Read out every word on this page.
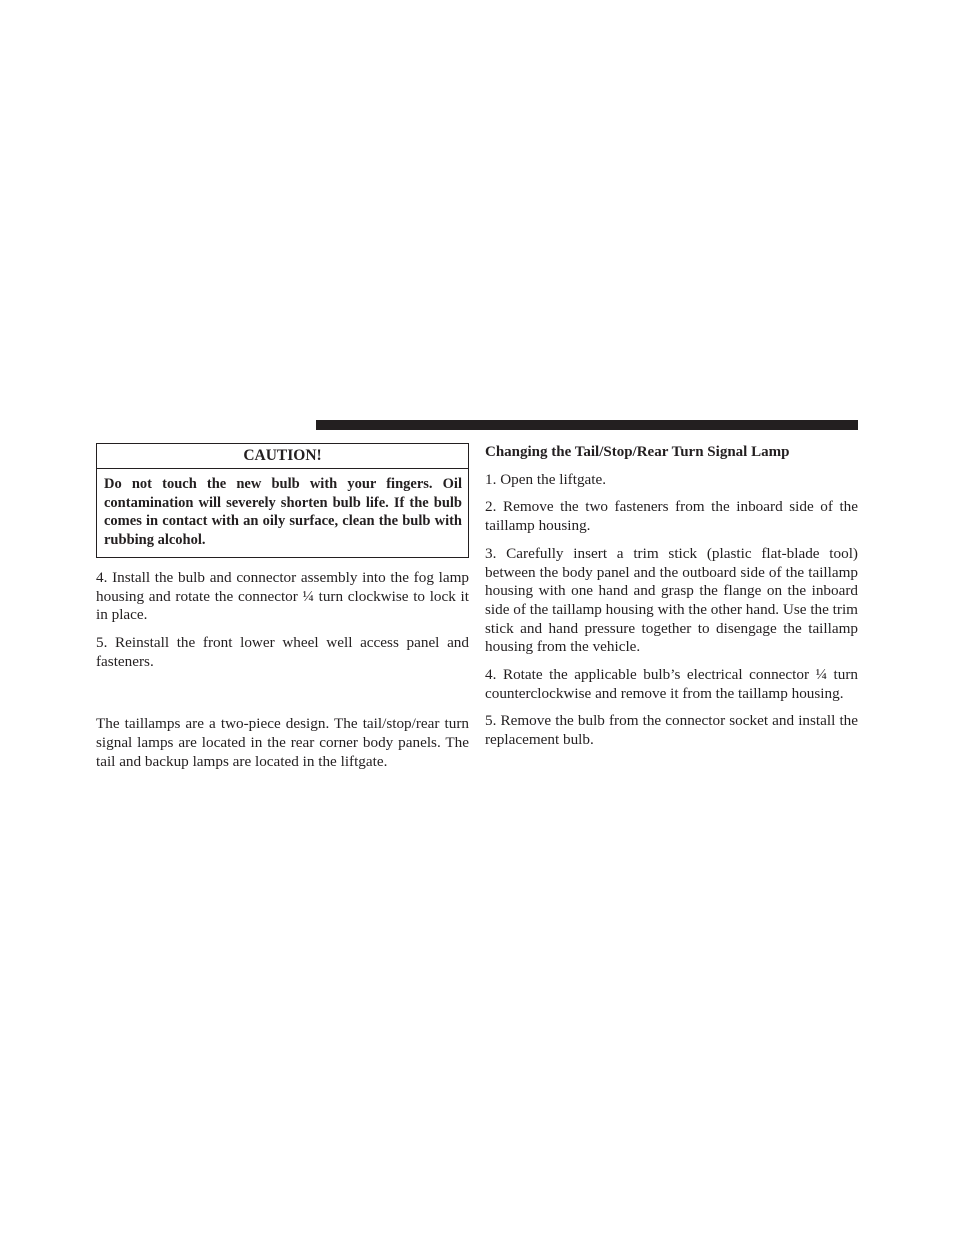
CAUTION!
Do not touch the new bulb with your fingers. Oil contamination will severely shorten bulb life. If the bulb comes in contact with an oily surface, clean the bulb with rubbing alcohol.

4. Install the bulb and connector assembly into the fog lamp housing and rotate the connector ¼ turn clockwise to lock it in place.

5. Reinstall the front lower wheel well access panel and fasteners.

The taillamps are a two-piece design. The tail/stop/rear turn signal lamps are located in the rear corner body panels. The tail and backup lamps are located in the liftgate.

Changing the Tail/Stop/Rear Turn Signal Lamp

1. Open the liftgate.

2. Remove the two fasteners from the inboard side of the taillamp housing.

3. Carefully insert a trim stick (plastic flat-blade tool) between the body panel and the outboard side of the taillamp housing with one hand and grasp the flange on the inboard side of the taillamp housing with the other hand. Use the trim stick and hand pressure together to disengage the taillamp housing from the vehicle.

4. Rotate the applicable bulb’s electrical connector ¼ turn counterclockwise and remove it from the taillamp housing.

5. Remove the bulb from the connector socket and install the replacement bulb.
